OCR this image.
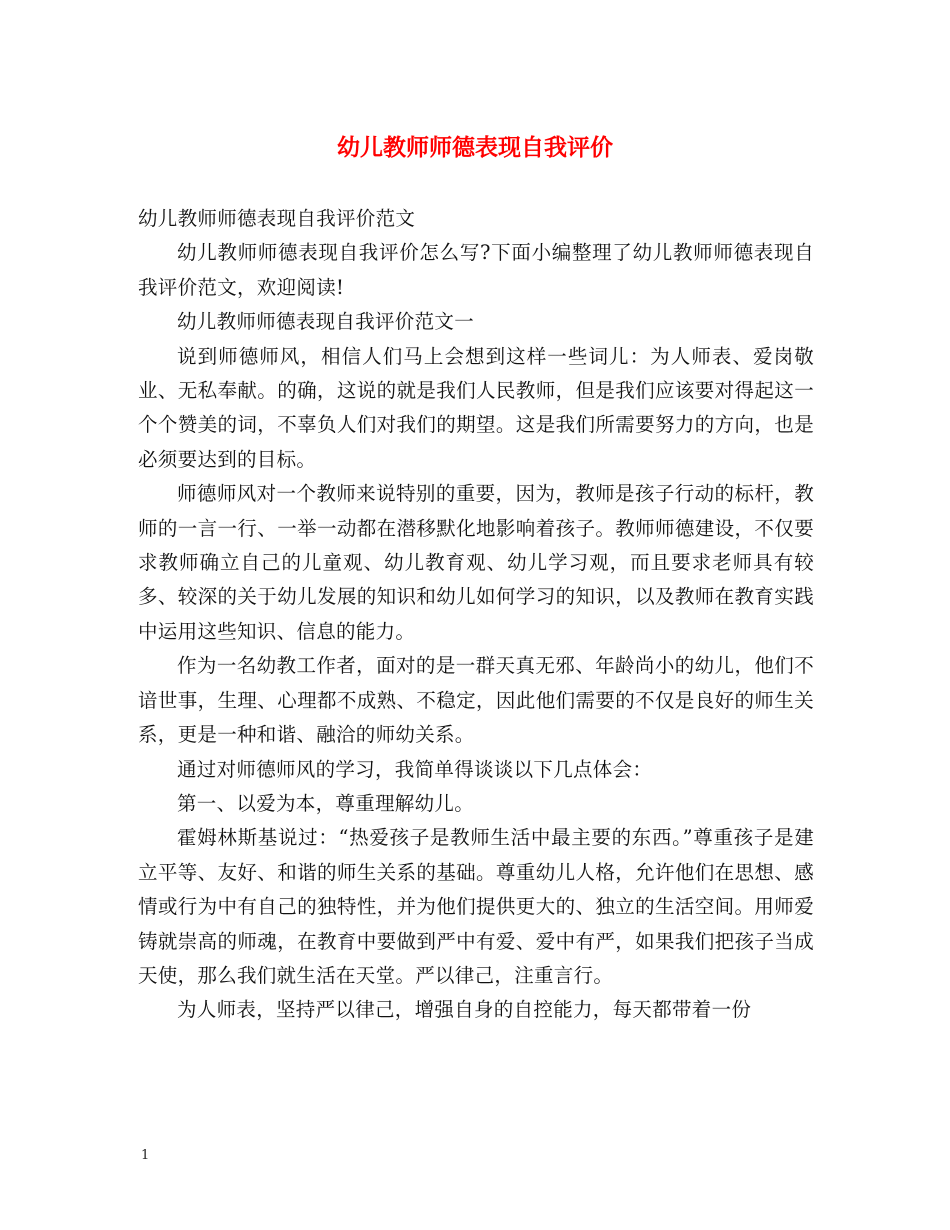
幼儿教师师德表现自我评价

幼儿教师师德表现自我评价范文

幼儿教师师德表现自我评价怎么写?下面小编整理了幼儿教师师德表现自我评价范文，欢迎阅读!

幼儿教师师德表现自我评价范文一

说到师德师风，相信人们马上会想到这样一些词儿：为人师表、爱岗敬业、无私奉献。的确，这说的就是我们人民教师，但是我们应该要对得起这一个个赞美的词，不辜负人们对我们的期望。这是我们所需要努力的方向，也是必须要达到的目标。

师德师风对一个教师来说特别的重要，因为，教师是孩子行动的标杆，教师的一言一行、一举一动都在潜移默化地影响着孩子。教师师德建设，不仅要求教师确立自己的儿童观、幼儿教育观、幼儿学习观，而且要求老师具有较多、较深的关于幼儿发展的知识和幼儿如何学习的知识，以及教师在教育实践中运用这些知识、信息的能力。

作为一名幼教工作者，面对的是一群天真无邪、年龄尚小的幼儿，他们不谙世事，生理、心理都不成熟、不稳定，因此他们需要的不仅是良好的师生关系，更是一种和谐、融洽的师幼关系。

通过对师德师风的学习，我简单得谈谈以下几点体会：

第一、以爱为本，尊重理解幼儿。

霍姆林斯基说过：“热爱孩子是教师生活中最主要的东西。”尊重孩子是建立平等、友好、和谐的师生关系的基础。尊重幼儿人格，允许他们在思想、感情或行为中有自己的独特性，并为他们提供更大的、独立的生活空间。用师爱铸就崇高的师魂，在教育中要做到严中有爱、爱中有严，如果我们把孩子当成天使，那么我们就生活在天堂。严以律己，注重言行。

为人师表，坚持严以律己，增强自身的自控能力，每天都带着一份

1
